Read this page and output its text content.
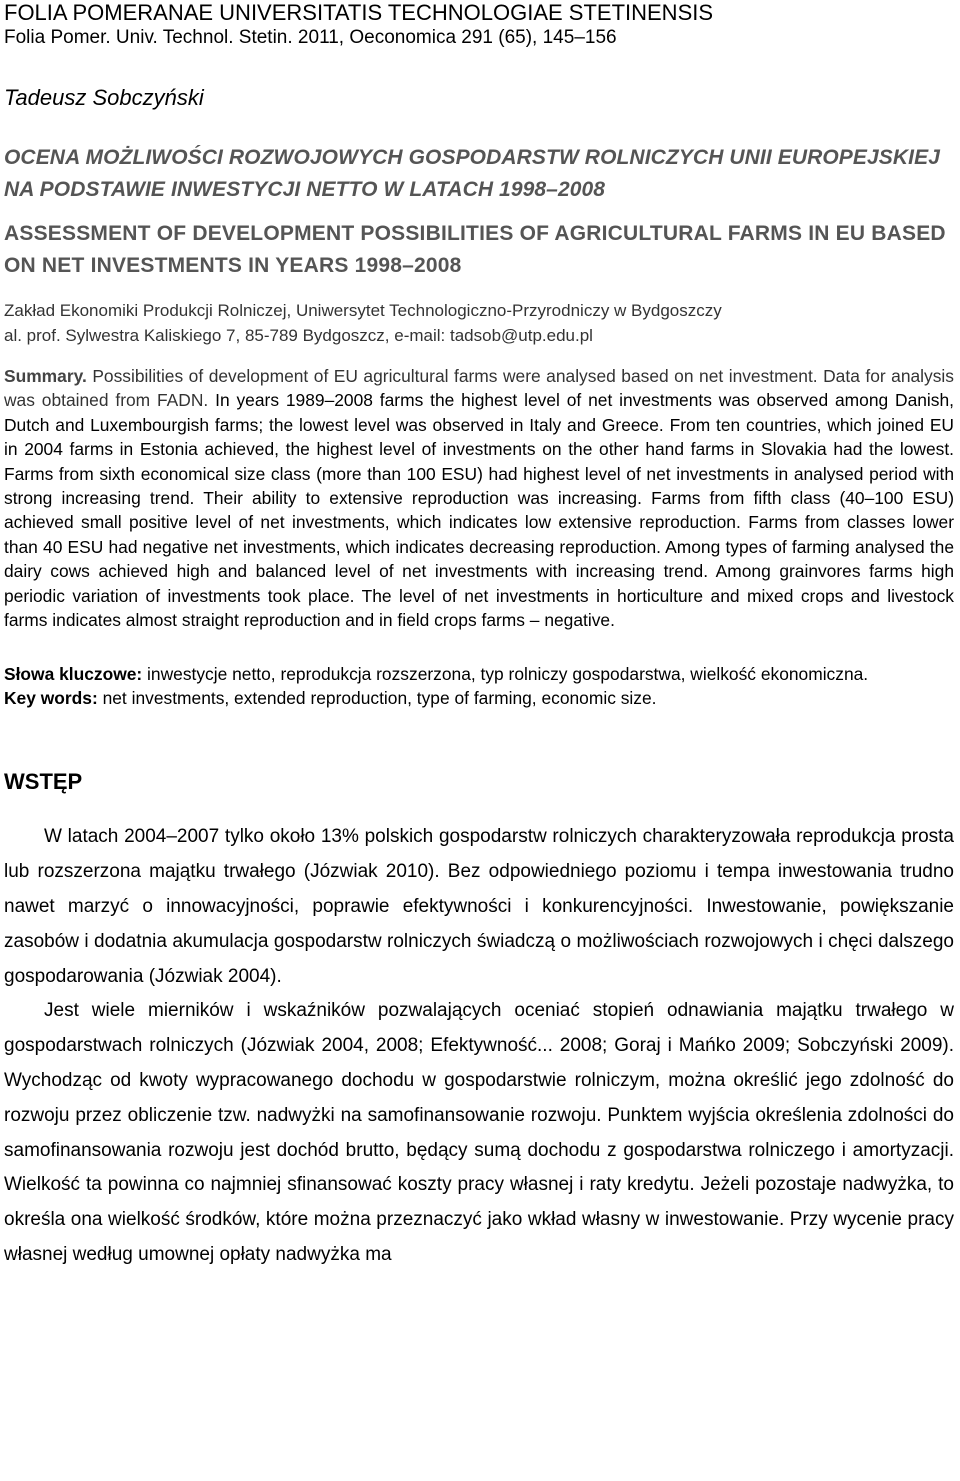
FOLIA POMERANAE UNIVERSITATIS TECHNOLOGIAE STETINENSIS

Folia Pomer. Univ. Technol. Stetin. 2011, Oeconomica 291 (65), 145–156

Tadeusz Sobczyński

OCENA MOŻLIWOŚCI ROZWOJOWYCH GOSPODARSTW ROLNICZYCH UNII EUROPEJSKIEJ NA PODSTAWIE INWESTYCJI NETTO W LATACH 1998–2008

ASSESSMENT OF DEVELOPMENT POSSIBILITIES OF AGRICULTURAL FARMS IN EU BASED ON NET INVESTMENTS IN YEARS 1998–2008

Zakład Ekonomiki Produkcji Rolniczej, Uniwersytet Technologiczno-Przyrodniczy w Bydgoszczy
al. prof. Sylwestra Kaliskiego 7, 85-789 Bydgoszcz, e-mail: tadsob@utp.edu.pl

Summary. Possibilities of development of EU agricultural farms were analysed based on net investment. Data for analysis was obtained from FADN. In years 1989–2008 farms the highest level of net investments was observed among Danish, Dutch and Luxembourgish farms; the lowest level was observed in Italy and Greece. From ten countries, which joined EU in 2004 farms in Estonia achieved, the highest level of investments on the other hand farms in Slovakia had the lowest. Farms from sixth economical size class (more than 100 ESU) had highest level of net investments in analysed period with strong increasing trend. Their ability to extensive reproduction was increasing. Farms from fifth class (40–100 ESU) achieved small positive level of net investments, which indicates low extensive reproduction. Farms from classes lower than 40 ESU had negative net investments, which indicates decreasing reproduction. Among types of farming analysed the dairy cows achieved high and balanced level of net investments with increasing trend. Among grainvores farms high periodic variation of investments took place. The level of net investments in horticulture and mixed crops and livestock farms indicates almost straight reproduction and in field crops farms – negative.

Słowa kluczowe: inwestycje netto, reprodukcja rozszerzona, typ rolniczy gospodarstwa, wielkość ekonomiczna.

Key words: net investments, extended reproduction, type of farming, economic size.

WSTĘP

W latach 2004–2007 tylko około 13% polskich gospodarstw rolniczych charakteryzowała reprodukcja prosta lub rozszerzona majątku trwałego (Józwiak 2010). Bez odpowiedniego poziomu i tempa inwestowania trudno nawet marzyć o innowacyjności, poprawie efektywności i konkurencyjności. Inwestowanie, powiększanie zasobów i dodatnia akumulacja gospodarstw rolniczych świadczą o możliwościach rozwojowych i chęci dalszego gospodarowania (Józwiak 2004).

Jest wiele mierników i wskaźników pozwalających oceniać stopień odnawiania majątku trwałego w gospodarstwach rolniczych (Józwiak 2004, 2008; Efektywność... 2008; Goraj i Mańko 2009; Sobczyński 2009). Wychodząc od kwoty wypracowanego dochodu w gospodarstwie rolniczym, można określić jego zdolność do rozwoju przez obliczenie tzw. nadwyżki na samofinansowanie rozwoju. Punktem wyjścia określenia zdolności do samofinansowania rozwoju jest dochód brutto, będący sumą dochodu z gospodarstwa rolniczego i amortyzacji. Wielkość ta powinna co najmniej sfinansować koszty pracy własnej i raty kredytu. Jeżeli pozostaje nadwyżka, to określa ona wielkość środków, które można przeznaczyć jako wkład własny w inwestowanie. Przy wycenie pracy własnej według umownej opłaty nadwyżka ma
